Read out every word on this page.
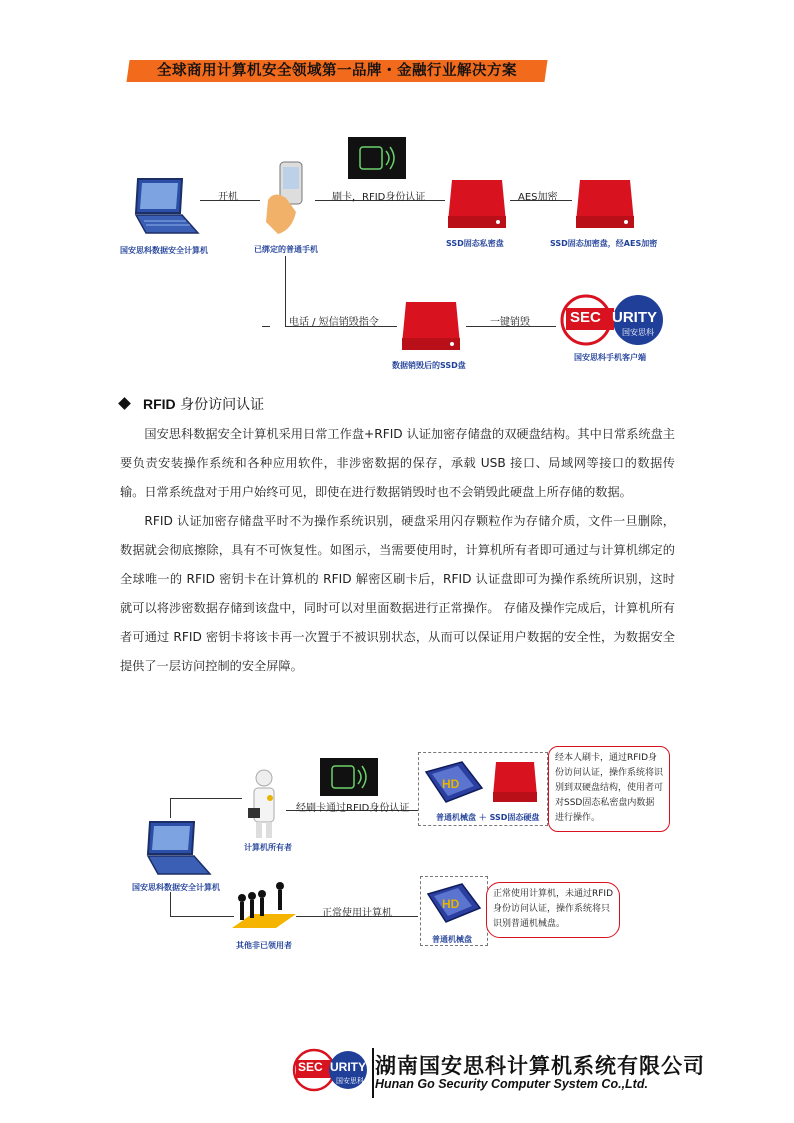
全球商用计算机安全领域第一品牌・金融行业解决方案
国安思科数据安全计算机	已绑定的普通手机
开机	刷卡，RFID身份认证
SSD固态私密盘
AES加密
SSD固态加密盘，经AES加密
电话 / 短信销毁指令
数据销毁后的SSD盘
一键销毁	SEC URITY
国安思科
国安思科手机客户端
RFID 身份访问认证

国安思科数据安全计算机采用日常工作盘+RFID 认证加密存储盘的双硬盘结构。其中日常系统盘主要负责安装操作系统和各种应用软件，非涉密数据的保存，承载 USB 接口、局域网等接口的数据传输。日常系统盘对于用户始终可见，即使在进行数据销毁时也不会销毁此硬盘上所存储的数据。

RFID 认证加密存储盘平时不为操作系统识别，硬盘采用闪存颗粒作为存储介质，文件一旦删除，数据就会彻底擦除，具有不可恢复性。如图示，当需要使用时，计算机所有者即可通过与计算机绑定的全球唯一的 RFID 密钥卡在计算机的 RFID 解密区刷卡后，RFID 认证盘即可为操作系统所识别，这时就可以将涉密数据存储到该盘中，同时可以对里面数据进行正常操作。 存储及操作完成后，计算机所有者可通过 RFID 密钥卡将该卡再一次置于不被识别状态，从而可以保证用户数据的安全性，为数据安全提供了一层访问控制的安全屏障。

国安思科数据安全计算机
计算机所有者
其他非已领用者
经刷卡通过RFID身份认证
正常使用计算机
HD
普通机械盘 ＋ SSD固态硬盘
经本人刷卡，通过RFID身份访问认证，操作系统将识别到双硬盘结构，使用者可对SSD固态私密盘内数据进行操作。
HD
普通机械盘
正常使用计算机，未通过RFID身份访问认证，操作系统将只识别普通机械盘。
SEC URITY
国安思科
湖南国安思科计算机系统有限公司
Hunan Go Security Computer System Co.,Ltd.
